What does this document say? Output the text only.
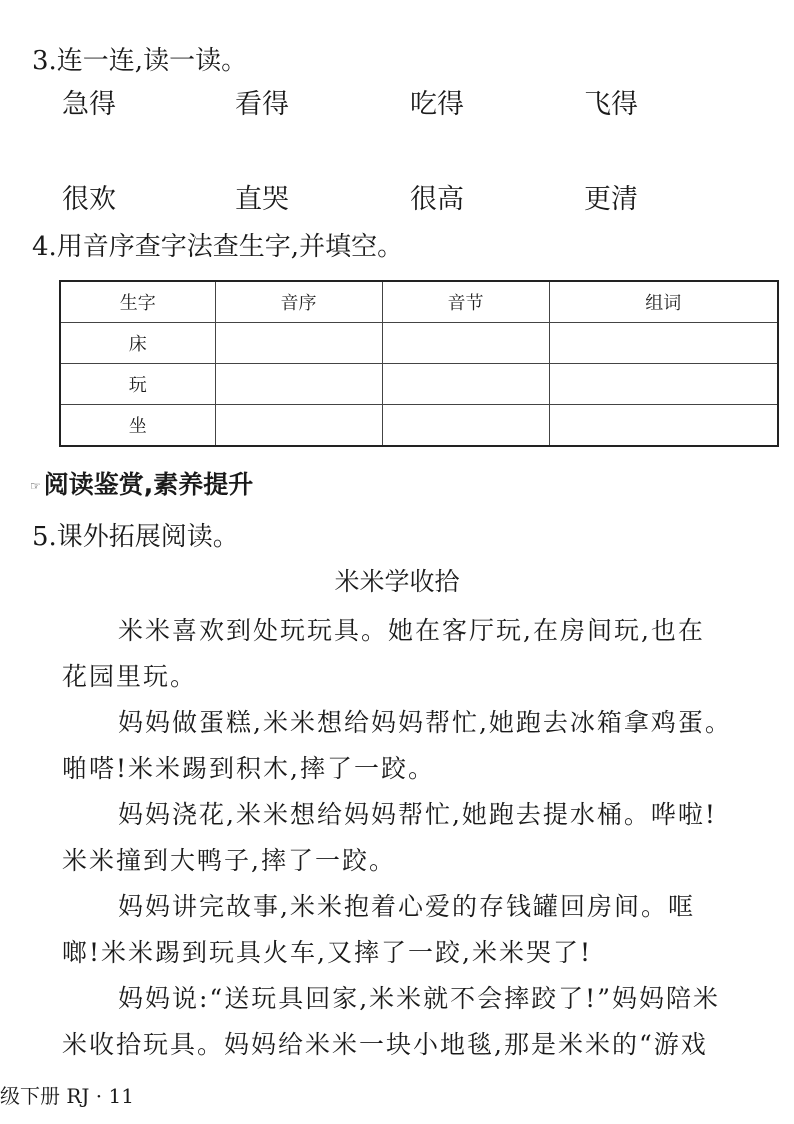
3.连一连,读一读。
急得	看得	吃得	飞得
很欢	直哭	很高	更清
4.用音序查字法查生字,并填空。
生字	音序	音节	组词
床			
玩			
坐			
☞ 阅读鉴赏,素养提升
5.课外拓展阅读。
米米学收拾
米米喜欢到处玩玩具。她在客厅玩,在房间玩,也在
花园里玩。
妈妈做蛋糕,米米想给妈妈帮忙,她跑去冰箱拿鸡蛋。
啪嗒!米米踢到积木,摔了一跤。
妈妈浇花,米米想给妈妈帮忙,她跑去提水桶。哗啦!
米米撞到大鸭子,摔了一跤。
妈妈讲完故事,米米抱着心爱的存钱罐回房间。哐
啷!米米踢到玩具火车,又摔了一跤,米米哭了!
妈妈说:“送玩具回家,米米就不会摔跤了!”妈妈陪米
米收拾玩具。妈妈给米米一块小地毯,那是米米的“游戏
级下册 RJ · 11
